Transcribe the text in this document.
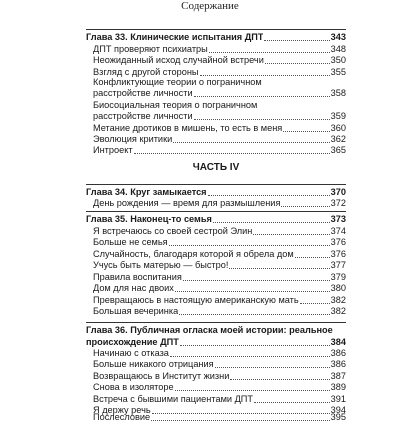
Содержание
Глава 33. Клинические испытания ДПТ	343
ДПТ проверяют психиатры	348
Неожиданный исход случайной встречи	350
Взгляд с другой стороны	355
Конфликтующие теории о пограничном
расстройстве личности	358
Биосоциальная теория о пограничном
расстройстве личности	359
Метание дротиков в мишень, то есть в меня	360
Эволюция критики	362
Интроект	365
ЧАСТЬ IV
Глава 34. Круг замыкается	370
День рождения — время для размышления	372
Глава 35. Наконец-то семья	373
Я встречаюсь со своей сестрой Элин	374
Больше не семья	376
Случайность, благодаря которой я обрела дом	376
Учусь быть матерью — быстро!	377
Правила воспитания	379
Дом для нас двоих	380
Превращаюсь в настоящую американскую мать	382
Большая вечеринка	382
Глава 36. Публичная огласка моей истории: реальное
происхождение ДПТ	384
Начинаю с отказа	386
Больше никакого отрицания	386
Возвращаюсь в Институт жизни	387
Снова в изоляторе	389
Встреча с бывшими пациентами ДПТ	391
Я держу речь	394
Послесловие	395
